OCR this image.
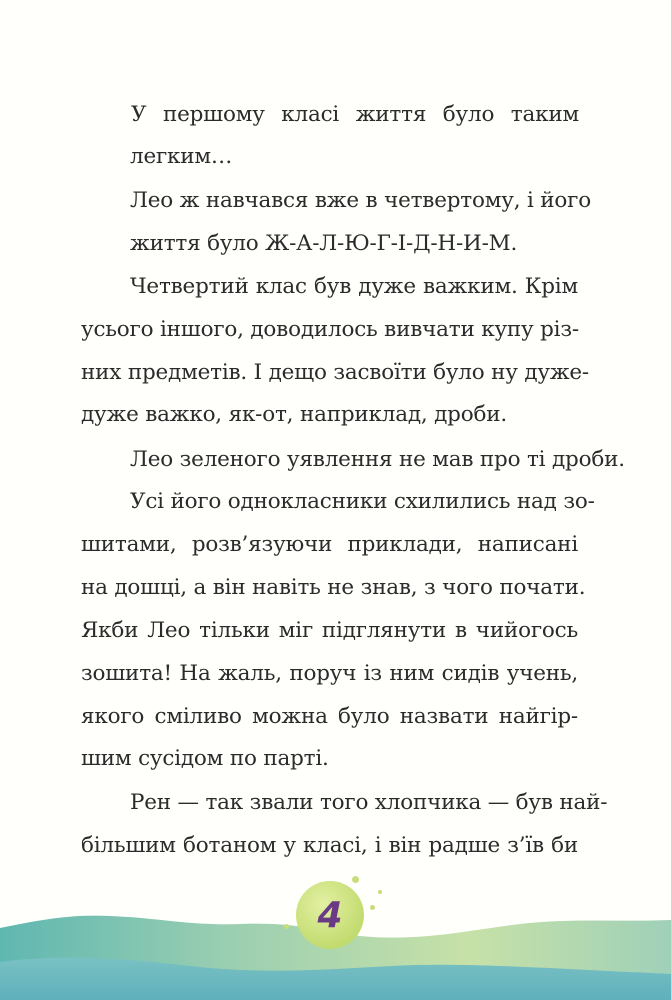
У першому класі життя було таким
легким…
Лео ж навчався вже в четвертому, і його
життя було Ж-А-Л-Ю-Г-І-Д-Н-И-М.
Четвертий клас був дуже важким. Крім
усього іншого, доводилось вивчати купу різ-
них предметів. І дещо засвоїти було ну дуже-
дуже важко, як-от, наприклад, дроби.
Лео зеленого уявлення не мав про ті дроби.
Усі його однокласники схилились над зо-
шитами, розв’язуючи приклади, написані
на дошці, а він навіть не знав, з чого почати.
Якби Лео тільки міг підглянути в чийогось
зошита! На жаль, поруч із ним сидів учень,
якого сміливо можна було назвати найгір-
шим сусідом по парті.
Рен — так звали того хлопчика — був най-
більшим ботаном у класі, і він радше з’їв би
4
